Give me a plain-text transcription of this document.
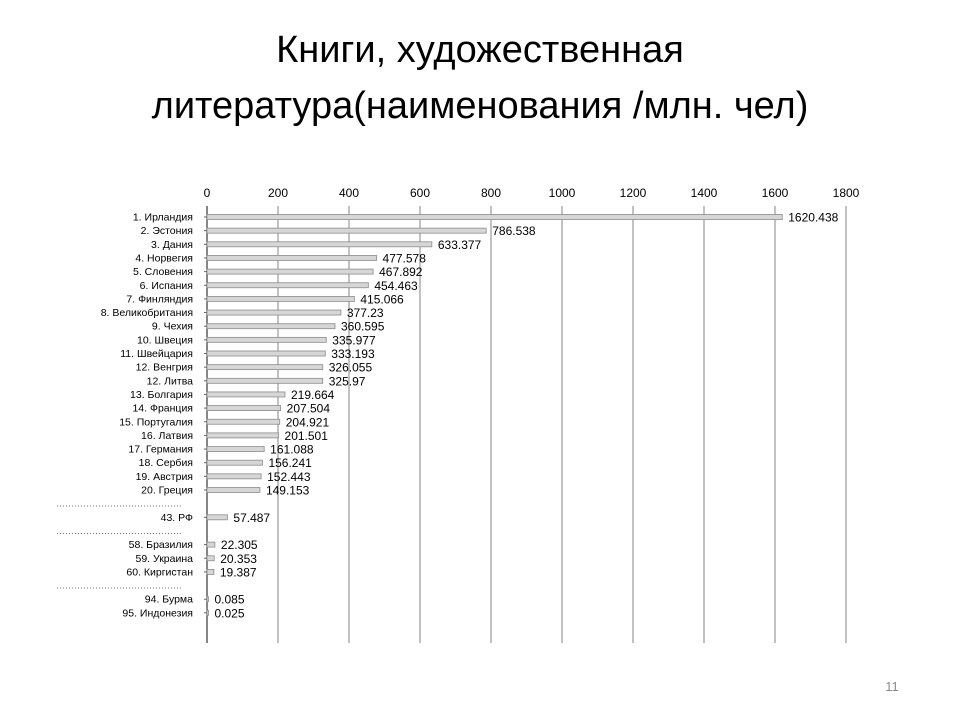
Книги, художественная
литература(наименования /млн. чел)
0	200	400	600	800	1000	1200	1400	1600	1800
1. Ирландия	1620.438
2. Эстония	786.538
3. Дания	633.377
4. Норвегия	477.578
5. Словения	467.892
6. Испания	454.463
7. Финляндия	415.066
8. Великобритания	377.23
9. Чехия	360.595
10. Швеция	335.977
11. Швейцария	333.193
12. Венгрия	326.055
12. Литва	325.97
13. Болгария	219.664
14. Франция	207.504
15. Португалия	204.921
16. Латвия	201.501
17. Германия	161.088
18. Сербия	156.241
19. Австрия	152.443
20. Греция	149.153
……………………………………
43. РФ	57.487
……………………………………
58. Бразилия 22.305
59. Украина 20.353
60. Киргистан 19.387
……………………………………
94. Бурма 0.085
95. Индонезия 0.025
11
